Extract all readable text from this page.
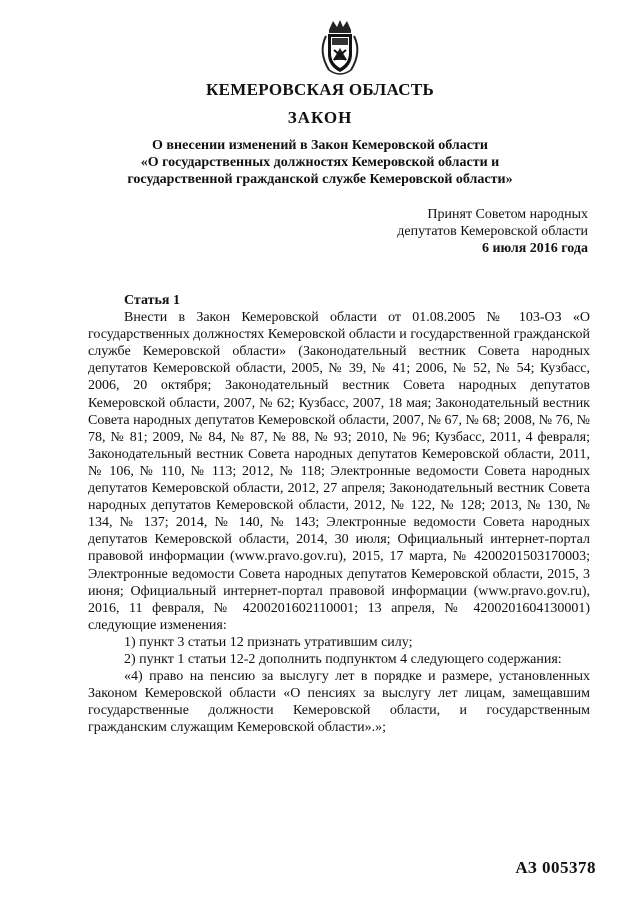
КЕМЕРОВСКАЯ ОБЛАСТЬ
ЗАКОН
О внесении изменений в Закон Кемеровской области
«О государственных должностях Кемеровской области и
государственной гражданской службе Кемеровской области»
Принят Советом народных
депутатов Кемеровской области
6 июля 2016 года

Статья 1

Внести в Закон Кемеровской области от 01.08.2005 № 103-ОЗ «О государственных должностях Кемеровской области и государственной гражданской службе Кемеровской области» (Законодательный вестник Совета народных депутатов Кемеровской области, 2005, № 39, № 41; 2006, № 52, № 54; Кузбасс, 2006, 20 октября; Законодательный вестник Совета народных депутатов Кемеровской области, 2007, № 62; Кузбасс, 2007, 18 мая; Законодательный вестник Совета народных депутатов Кемеровской области, 2007, № 67, № 68; 2008, № 76, № 78, № 81; 2009, № 84, № 87, № 88, № 93; 2010, № 96; Кузбасс, 2011, 4 февраля; Законодательный вестник Совета народных депутатов Кемеровской области, 2011, № 106, № 110, № 113; 2012, № 118; Электронные ведомости Совета народных депутатов Кемеровской области, 2012, 27 апреля; Законодательный вестник Совета народных депутатов Кемеровской области, 2012, № 122, № 128; 2013, № 130, № 134, № 137; 2014, № 140, № 143; Электронные ведомости Совета народных депутатов Кемеровской области, 2014, 30 июля; Официальный интернет-портал правовой информации (www.pravo.gov.ru), 2015, 17 марта, № 4200201503170003; Электронные ведомости Совета народных депутатов Кемеровской области, 2015, 3 июня; Официальный интернет-портал правовой информации (www.pravo.gov.ru), 2016, 11 февраля, № 4200201602110001; 13 апреля, № 4200201604130001) следующие изменения:

1) пункт 3 статьи 12 признать утратившим силу;

2) пункт 1 статьи 12-2 дополнить подпунктом 4 следующего содержания:

«4) право на пенсию за выслугу лет в порядке и размере, установленных Законом Кемеровской области «О пенсиях за выслугу лет лицам, замещавшим государственные должности Кемеровской области, и государственным гражданским служащим Кемеровской области».»;

АЗ 005378
